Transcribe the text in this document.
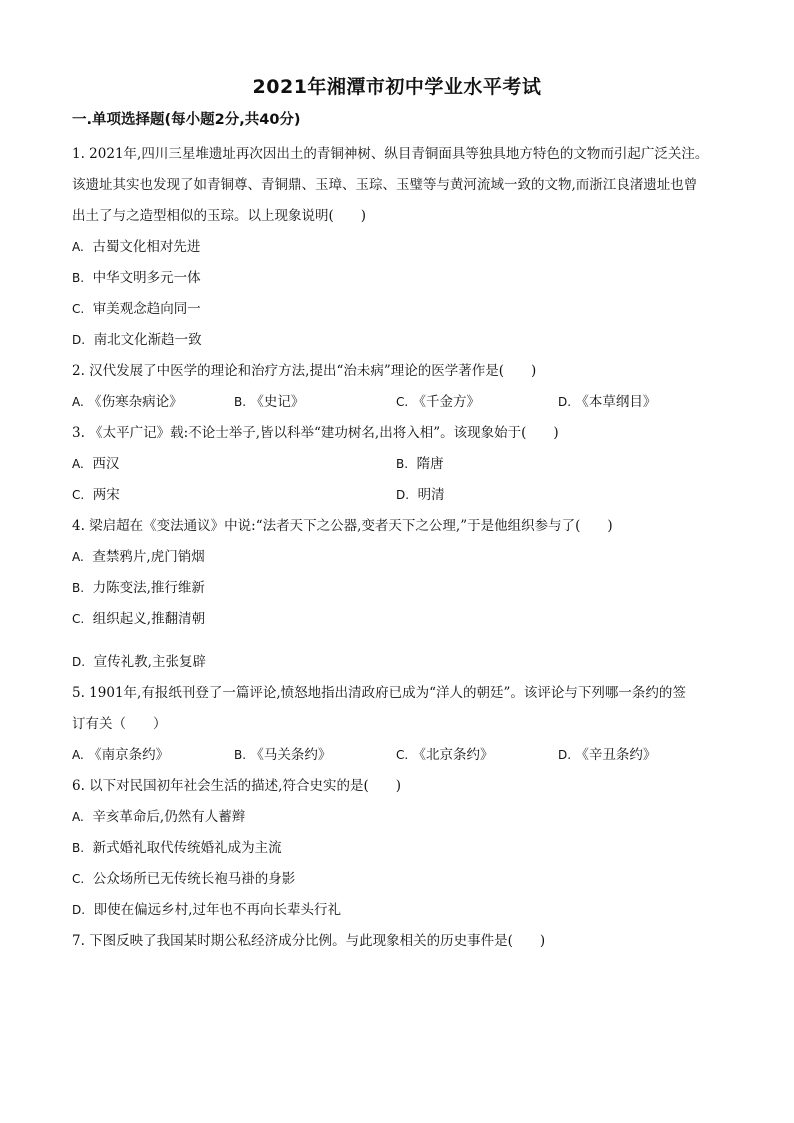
2021年湘潭市初中学业水平考试
一.单项选择题(每小题2分,共40分)
1. 2021年,四川三星堆遗址再次因出土的青铜神树、纵目青铜面具等独具地方特色的文物而引起广泛关注。
该遗址其实也发现了如青铜尊、青铜鼎、玉璋、玉琮、玉璧等与黄河流域一致的文物,而浙江良渚遗址也曾
出土了与之造型相似的玉琮。以上现象说明(　　)
A. 古蜀文化相对先进
B. 中华文明多元一体
C. 审美观念趋向同一
D. 南北文化渐趋一致
2. 汉代发展了中医学的理论和治疗方法,提出“治未病”理论的医学著作是(　　)
A. 《伤寒杂病论》	B. 《史记》	C. 《千金方》	D. 《本草纲目》
3. 《太平广记》载:不论士举子,皆以科举“建功树名,出将入相”。该现象始于(　　)
A. 西汉	B. 隋唐
C. 两宋	D. 明清
4. 梁启超在《变法通议》中说:“法者天下之公器,变者天下之公理,”于是他组织参与了(　　)
A. 查禁鸦片,虎门销烟
B. 力陈变法,推行维新
C. 组织起义,推翻清朝
D. 宣传礼教,主张复辟
5. 1901年,有报纸刊登了一篇评论,愤怒地指出清政府已成为“洋人的朝廷”。该评论与下列哪一条约的签
订有关（　　）
A. 《南京条约》	B. 《马关条约》	C. 《北京条约》	D. 《辛丑条约》
6. 以下对民国初年社会生活的描述,符合史实的是(　　)
A. 辛亥革命后,仍然有人蓄辫
B. 新式婚礼取代传统婚礼成为主流
C. 公众场所已无传统长袍马褂的身影
D. 即使在偏远乡村,过年也不再向长辈头行礼
7. 下图反映了我国某时期公私经济成分比例。与此现象相关的历史事件是(　　)
